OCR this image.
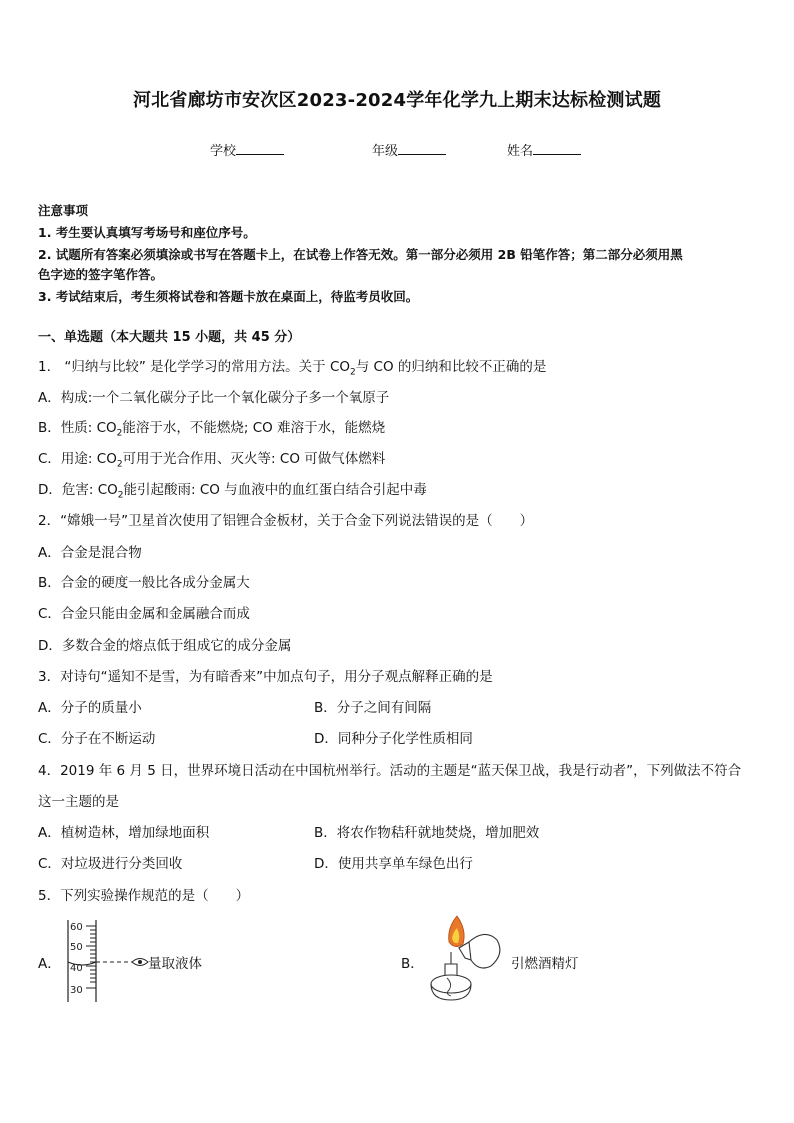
河北省廊坊市安次区2023-2024学年化学九上期末达标检测试题
学校	年级	姓名
注意事项
1. 考生要认真填写考场号和座位序号。
2. 试题所有答案必须填涂或书写在答题卡上，在试卷上作答无效。第一部分必须用 2B 铅笔作答；第二部分必须用黑
色字迹的签字笔作答。
3. 考试结束后，考生须将试卷和答题卡放在桌面上，待监考员收回。
一、单选题（本大题共 15 小题，共 45 分）
1.　“归纳与比较” 是化学学习的常用方法。关于 $CO_2$与 CO 的归纳和比较不正确的是
A．构成:一个二氧化碳分子比一个氧化碳分子多一个氧原子
B．性质: $CO_2$能溶于水，不能燃烧; CO 难溶于水，能燃烧
C．用途: $CO_2$可用于光合作用、灭火等: CO 可做气体燃料
D．危害: $CO_2$能引起酸雨: CO 与血液中的血红蛋白结合引起中毒
2．“嫦娥一号”卫星首次使用了铝锂合金板材，关于合金下列说法错误的是（　　）
A．合金是混合物
B．合金的硬度一般比各成分金属大
C．合金只能由金属和金属融合而成
D．多数合金的熔点低于组成它的成分金属
3．对诗句“遥知不是雪，为有暗香来”中加点句子，用分子观点解释正确的是
A．分子的质量小	B．分子之间有间隔
C．分子在不断运动	D．同种分子化学性质相同
4．2019 年 6 月 5 日，世界环境日活动在中国杭州举行。活动的主题是“蓝天保卫战，我是行动者”，下列做法不符合
这一主题的是
A．植树造林，增加绿地面积	B．将农作物秸秆就地焚烧，增加肥效
C．对垃圾进行分类回收	D．使用共享单车绿色出行
5．下列实验操作规范的是（　　）
A．
60
50
40
30
量取液体	B．	引燃酒精灯
